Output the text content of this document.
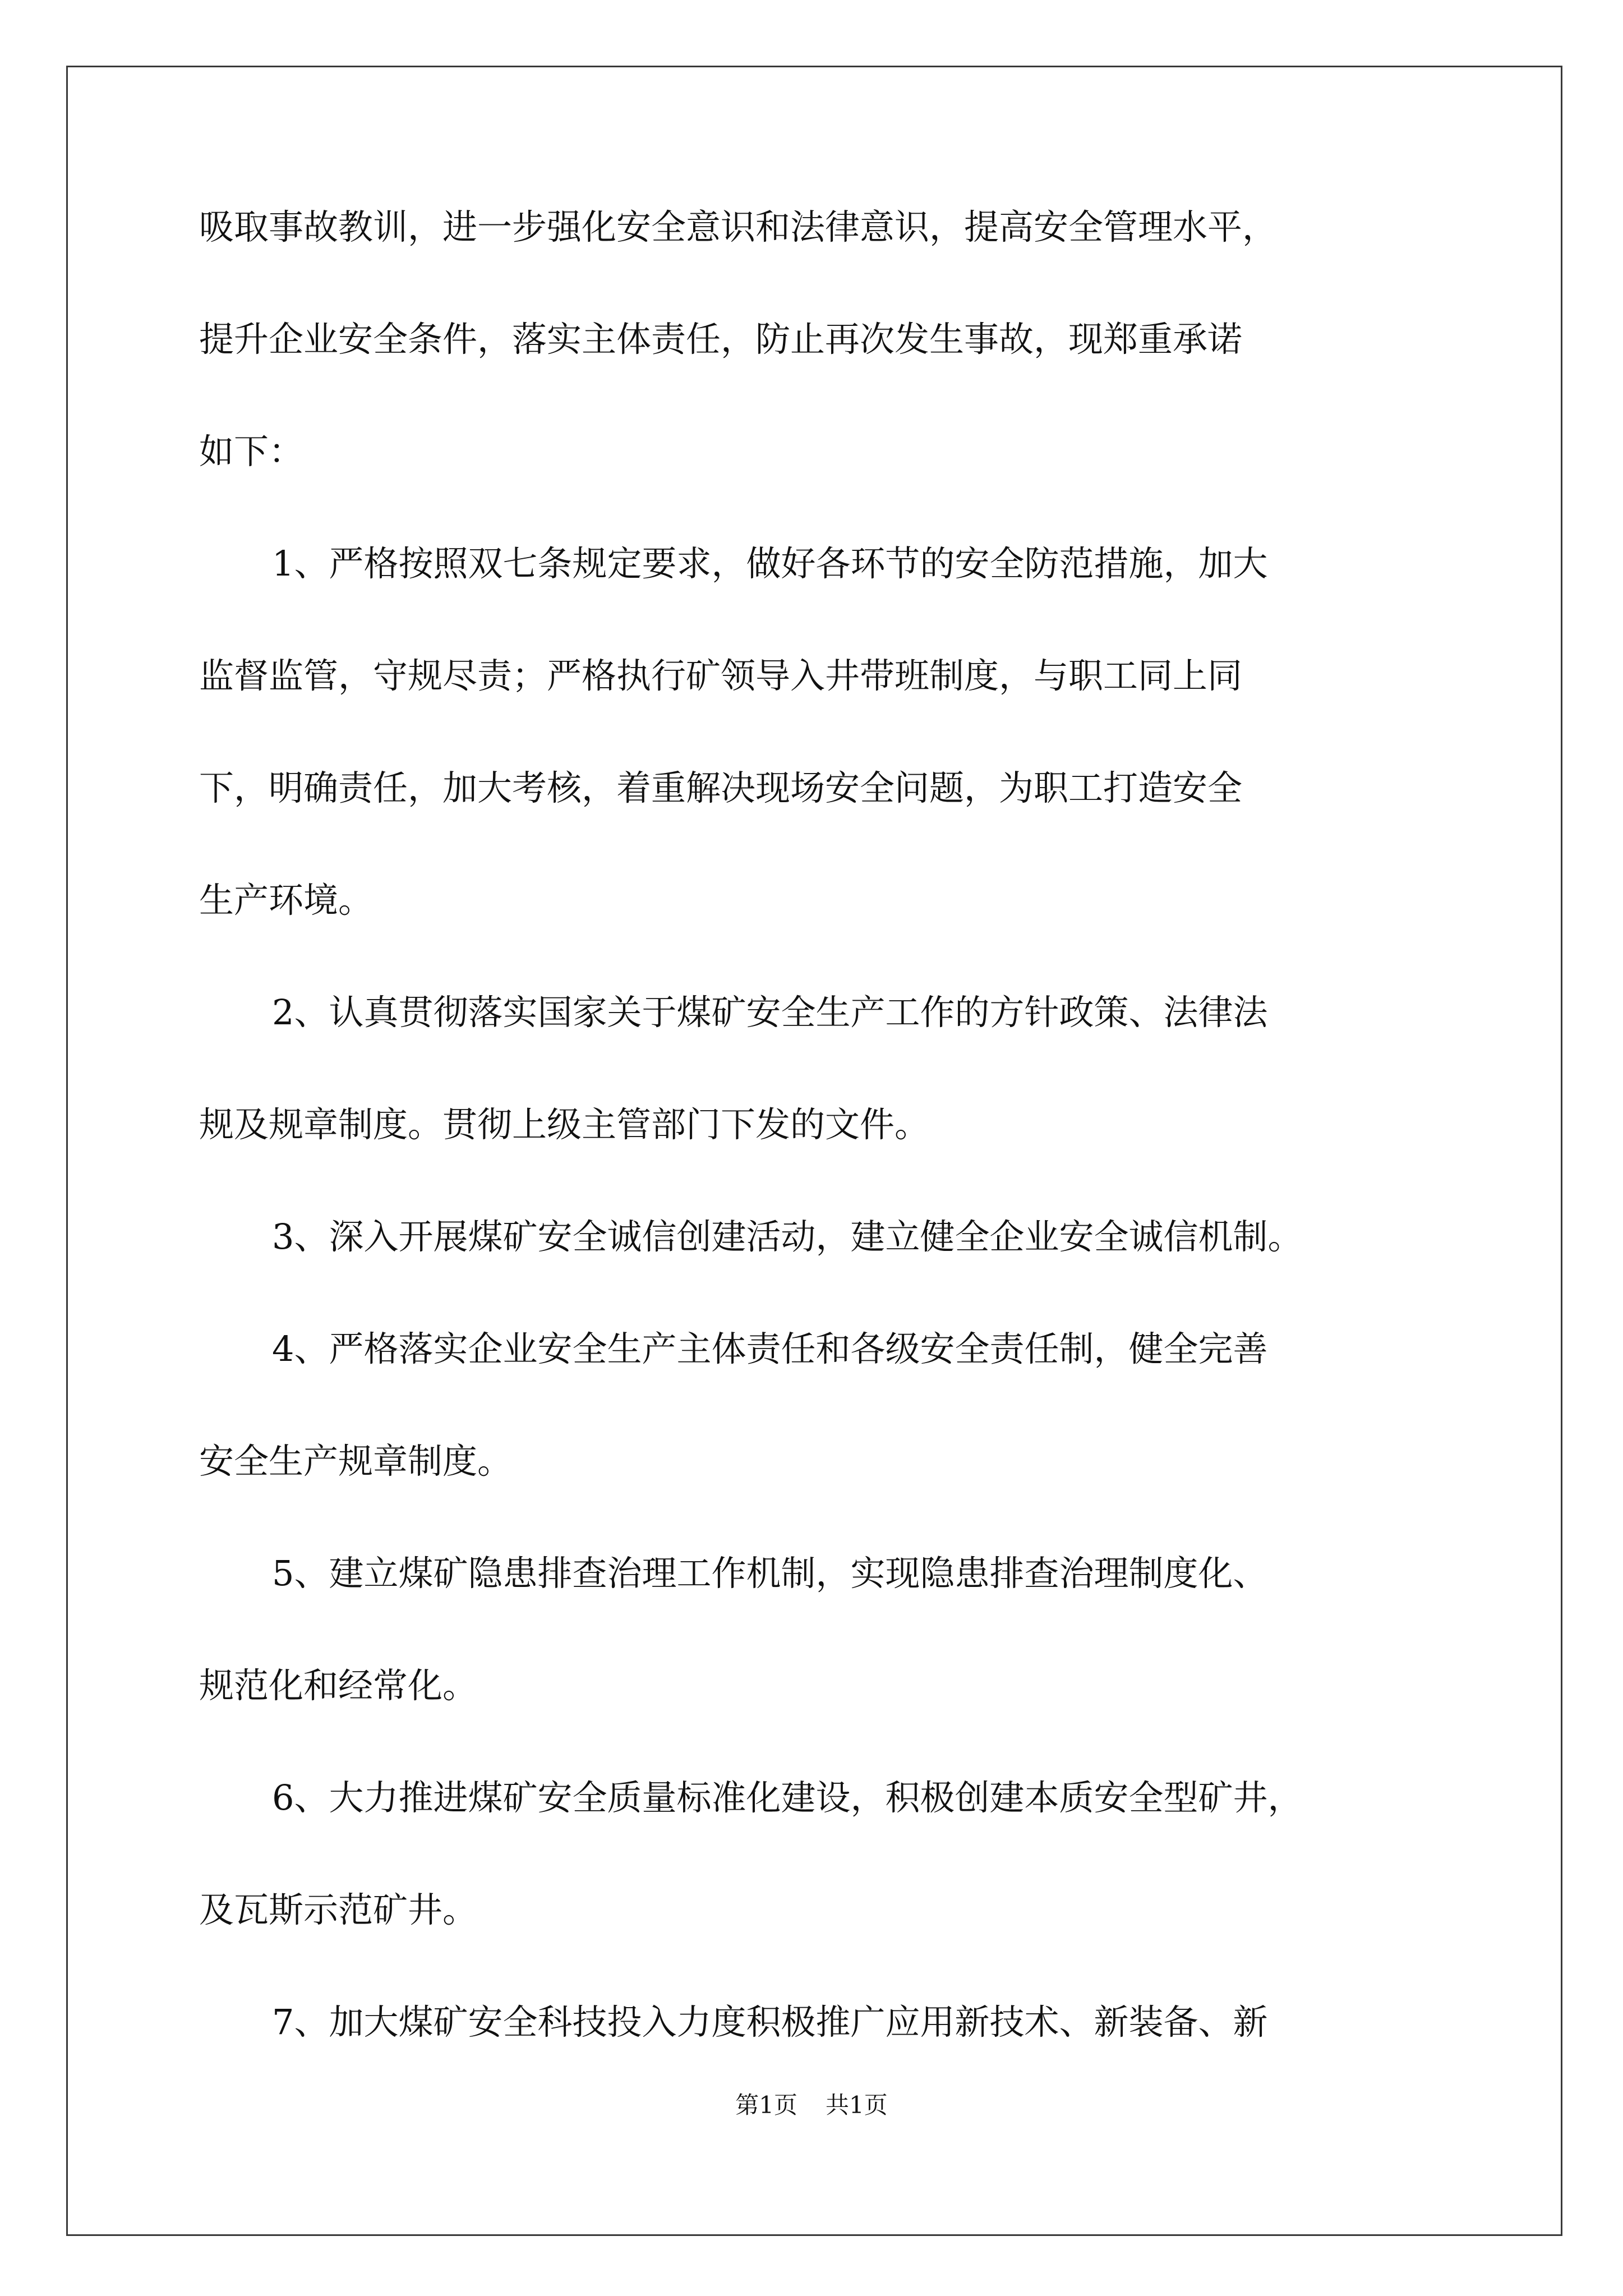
吸取事故教训，进一步强化安全意识和法律意识，提高安全管理水平，
提升企业安全条件，落实主体责任，防止再次发生事故，现郑重承诺
如下：
1、严格按照双七条规定要求，做好各环节的安全防范措施，加大
监督监管，守规尽责；严格执行矿领导入井带班制度，与职工同上同
下，明确责任，加大考核，着重解决现场安全问题，为职工打造安全
生产环境。
2、认真贯彻落实国家关于煤矿安全生产工作的方针政策、法律法
规及规章制度。贯彻上级主管部门下发的文件。
3、深入开展煤矿安全诚信创建活动，建立健全企业安全诚信机制。
4、严格落实企业安全生产主体责任和各级安全责任制，健全完善
安全生产规章制度。
5、建立煤矿隐患排查治理工作机制，实现隐患排查治理制度化、
规范化和经常化。
6、大力推进煤矿安全质量标准化建设，积极创建本质安全型矿井，
及瓦斯示范矿井。
7、加大煤矿安全科技投入力度积极推广应用新技术、新装备、新
第1页 共1页
